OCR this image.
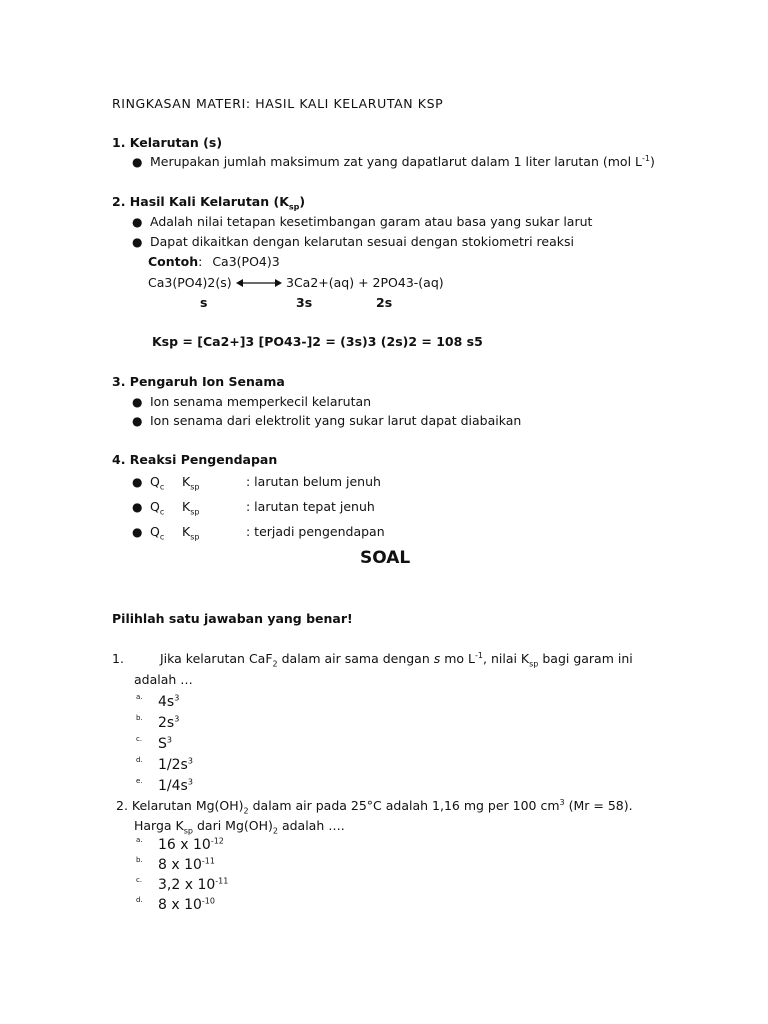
RINGKASAN MATERI: HASIL KALI KELARUTAN KSP
1. Kelarutan (s)
● Merupakan jumlah maksimum zat yang dapatlarut dalam 1 liter larutan (mol $L^{-1}$)
2. Hasil Kali Kelarutan $(K_{sp})$
● Adalah nilai tetapan kesetimbangan garam atau basa yang sukar larut
● Dapat dikaitkan dengan kelarutan sesuai dengan stokiometri reaksi
Contoh: Ca3(PO4)3
Ca3(PO4)2(s)	3Ca2+(aq) + 2PO43-(aq)
s	3s	2s
Ksp = [Ca2+]3 [PO43-]2 = (3s)3 (2s)2 = 108 s5
3. Pengaruh Ion Senama
● Ion senama memperkecil kelarutan
● Ion senama dari elektrolit yang sukar larut dapat diabaikan
4. Reaksi Pengendapan
● $Q_c$ $K_{sp}$	: larutan belum jenuh
● $Q_c$ $K_{sp}$	: larutan tepat jenuh
● $Q_c$ $K_{sp}$	: terjadi pengendapan
SOAL
Pilihlah satu jawaban yang benar!
1.	Jika kelarutan CaF$_2$ dalam air sama dengan s mo $L^{-1}$, nilai $K_{sp}$ bagi garam ini
adalah …
a. $4s^3$
b. $2s^3$
c. $S^3$
d. $1/2s^3$
e. $1/4s^3$
2. Kelarutan $Mg(OH)_2$ dalam air pada 25°C adalah 1,16 mg per 100 $cm^3$ (Mr = 58).
Harga $K_{sp}$ dari $Mg(OH)_2$ adalah ….
a. 16 x $10^{-12}$
b. 8 x $10^{-11}$
c. 3,2 x $10^{-11}$
d. 8 x $10^{-10}$
